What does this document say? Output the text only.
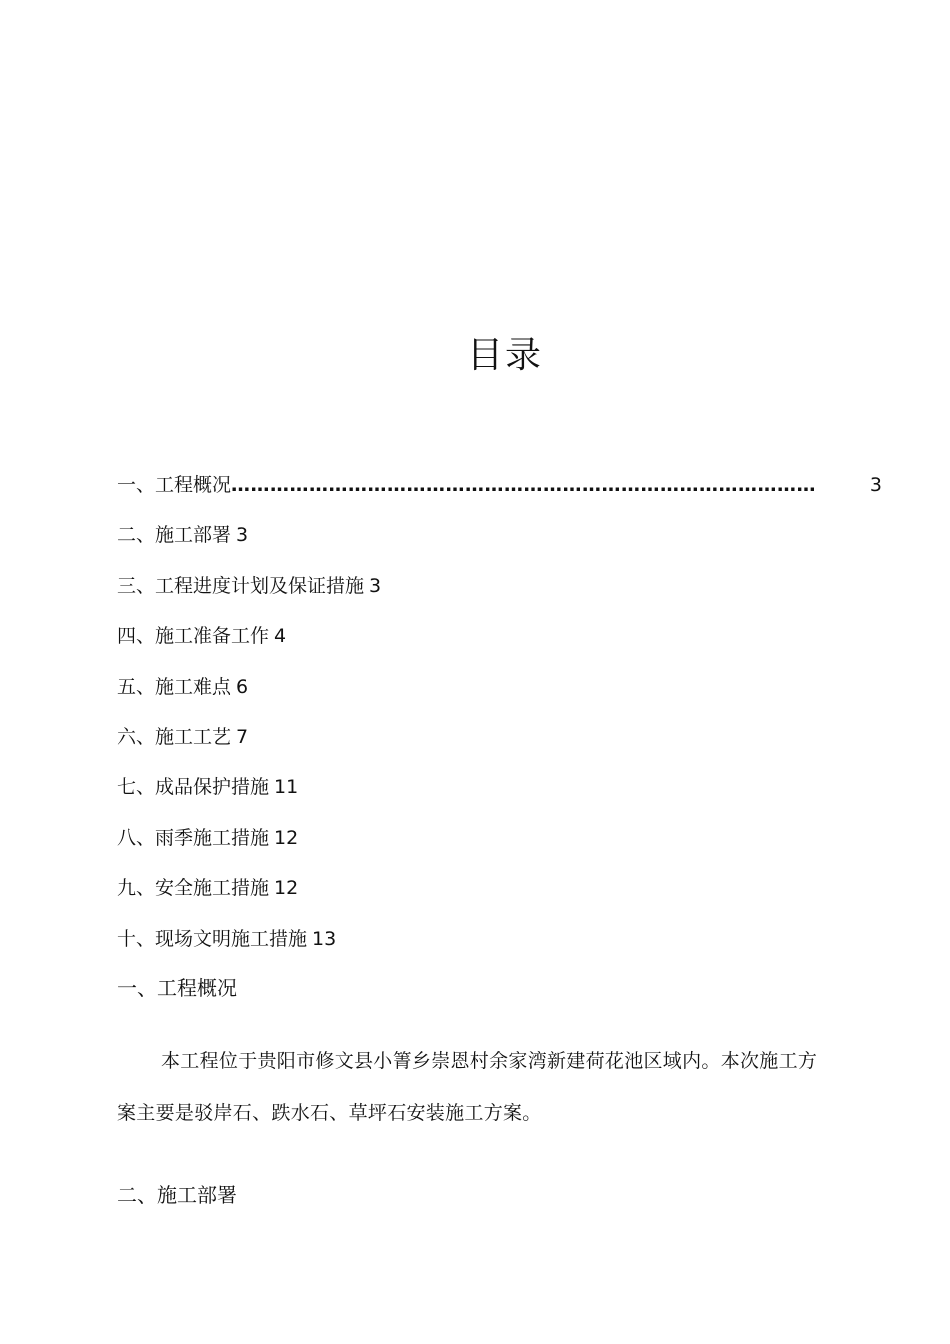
目录
一、工程概况 ………………………………………………………………………………	3
二、施工部署 3
三、工程进度计划及保证措施 3
四、施工准备工作 4
五、施工难点 6
六、施工工艺 7
七、成品保护措施 11
八、雨季施工措施 12
九、安全施工措施 12
十、现场文明施工措施 13
一、工程概况
本工程位于贵阳市修文县小箐乡崇恩村余家湾新建荷花池区域内。本次施工方
案主要是驳岸石、跌水石、草坪石安装施工方案。
二、施工部署
